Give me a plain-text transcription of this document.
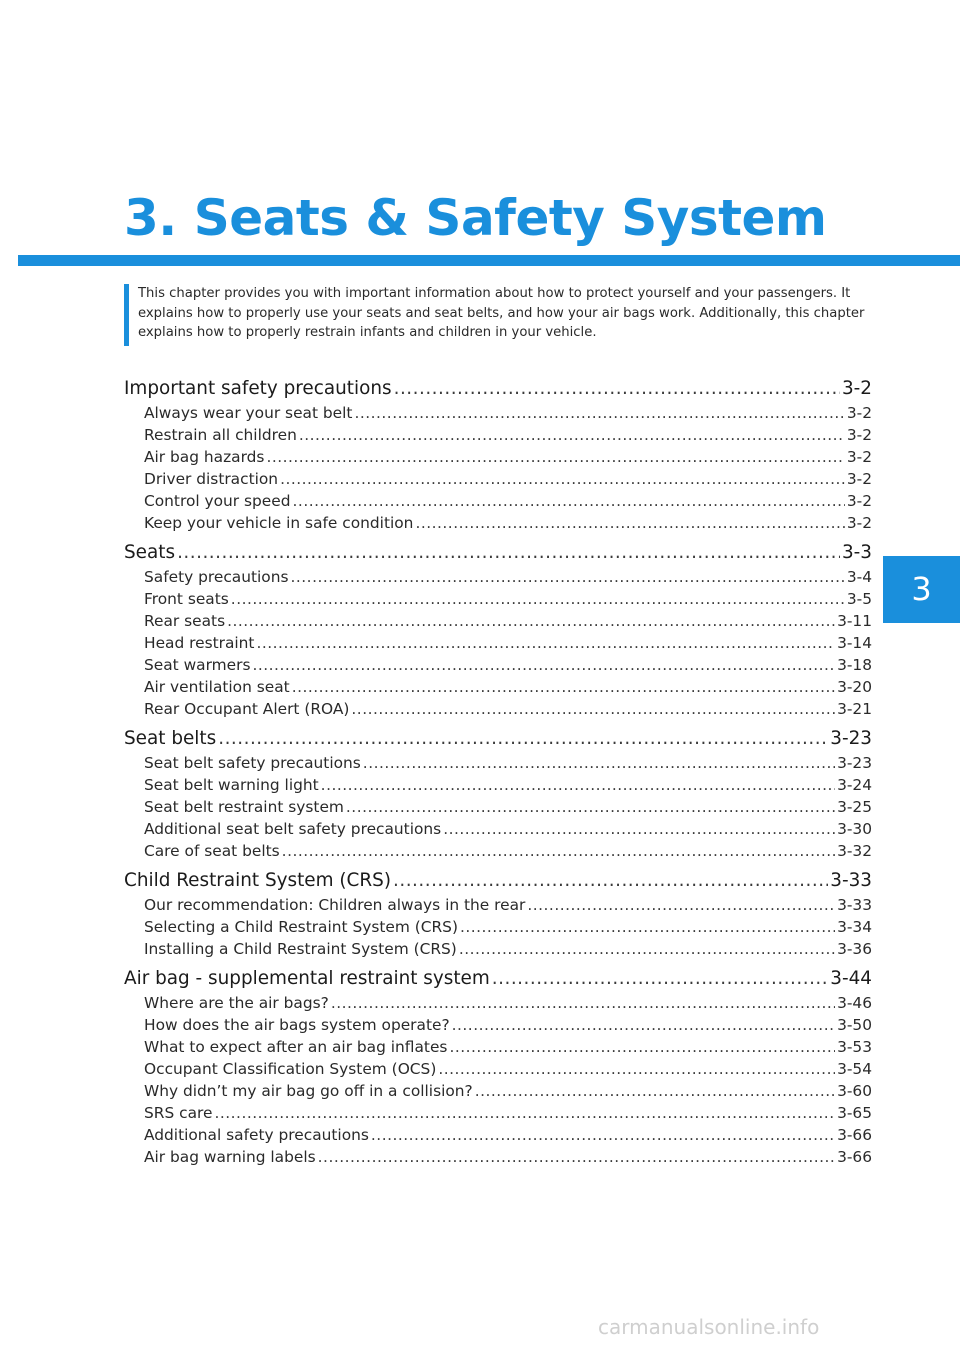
3. Seats & Safety System

This chapter provides you with important information about how to protect yourself and your passengers. It explains how to properly use your seats and seat belts, and how your air bags work. Additionally, this chapter explains how to properly restrain infants and children in your vehicle.

Important safety precautions .....	3-2
Always wear your seat belt .....	3-2
Restrain all children .....	3-2
Air bag hazards .....	3-2
Driver distraction .....	3-2
Control your speed .....	3-2
Keep your vehicle in safe condition .....	3-2
Seats .....	3-3
Safety precautions .....	3-4
Front seats .....	3-5
Rear seats .....	3-11
Head restraint .....	3-14
Seat warmers .....	3-18
Air ventilation seat .....	3-20
Rear Occupant Alert (ROA) .....	3-21
Seat belts .....	3-23
Seat belt safety precautions .....	3-23
Seat belt warning light .....	3-24
Seat belt restraint system .....	3-25
Additional seat belt safety precautions .....	3-30
Care of seat belts .....	3-32
Child Restraint System (CRS) .....	3-33
Our recommendation: Children always in the rear .....	3-33
Selecting a Child Restraint System (CRS) .....	3-34
Installing a Child Restraint System (CRS) .....	3-36
Air bag - supplemental restraint system .....	3-44
Where are the air bags? .....	3-46
How does the air bags system operate? .....	3-50
What to expect after an air bag inflates .....	3-53
Occupant Classification System (OCS) .....	3-54
Why didn’t my air bag go off in a collision? .....	3-60
SRS care .....	3-65
Additional safety precautions .....	3-66
Air bag warning labels .....	3-66
3
carmanualsonline.info
